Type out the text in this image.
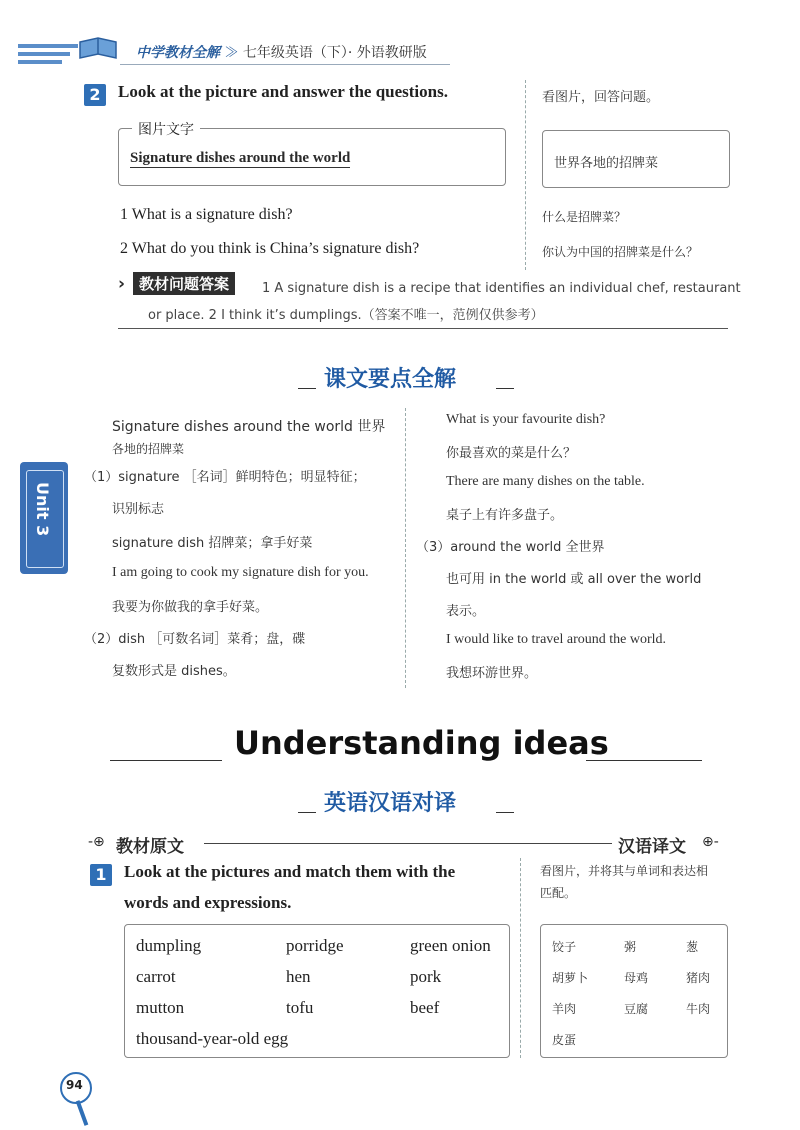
中学教材全解 ≫ 七年级英语（下）· 外语教研版
2	Look at the picture and answer the questions.	看图片，回答问题。
图片文字
Signature dishes around the world	世界各地的招牌菜
1 What is a signature dish?	什么是招牌菜？
2 What do you think is China’s signature dish?	你认为中国的招牌菜是什么？
› 教材问题答案	1 A signature dish is a recipe that identifies an individual chef, restaurant
or place. 2 I think it’s dumplings.（答案不唯一，范例仅供参考）
课文要点全解
Signature dishes around the world 世界
各地的招牌菜
（1）signature ［名词］鲜明特色；明显特征；
识别标志
signature dish 招牌菜；拿手好菜
I am going to cook my signature dish for you.
我要为你做我的拿手好菜。
（2）dish ［可数名词］菜肴；盘，碟
复数形式是 dishes。
What is your favourite dish?
你最喜欢的菜是什么？
There are many dishes on the table.
桌子上有许多盘子。
（3）around the world 全世界
也可用 in the world 或 all over the world
表示。
I would like to travel around the world.
我想环游世界。
Unit 3
Understanding ideas
英语汉语对译
-⊕ 教材原文	汉语译文 ⊕-
1	Look at the pictures and match them with the
words and expressions.
看图片，并将其与单词和表达相
匹配。
dumpling	porridge	green onion
carrot	hen	pork
mutton	tofu	beef
thousand-year-old egg
饺子	粥	葱
胡萝卜	母鸡	猪肉
羊肉	豆腐	牛肉
皮蛋
94
